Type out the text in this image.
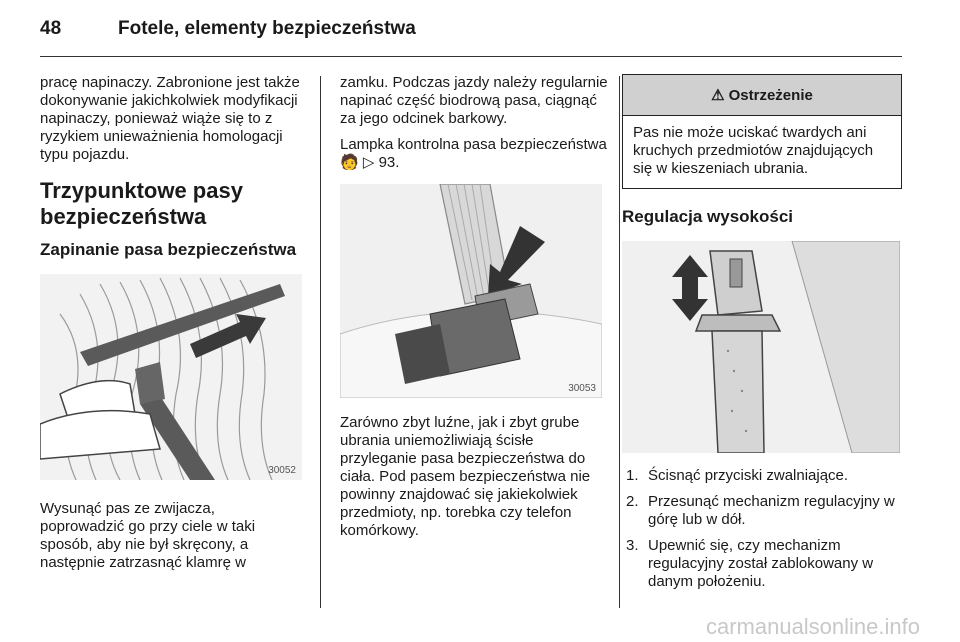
48	Fotele, elementy bezpieczeństwa

pracę napinaczy. Zabronione jest także dokonywanie jakichkolwiek modyfikacji napinaczy, ponieważ wiąże się to z ryzykiem unieważnienia homologacji typu pojazdu.

Trzypunktowe pasy bezpieczeństwa
Zapinanie pasa bezpieczeństwa
30052

Wysunąć pas ze zwijacza, poprowadzić go przy ciele w taki sposób, aby nie był skręcony, a następnie zatrzasnąć klamrę w

zamku. Podczas jazdy należy regularnie napinać część biodrową pasa, ciągnąć za jego odcinek barkowy.

Lampka kontrolna pasa bezpieczeństwa 🧑 ▷ 93.

30053

Zarówno zbyt luźne, jak i zbyt grube ubrania uniemożliwiają ścisłe przyleganie pasa bezpieczeństwa do ciała. Pod pasem bezpieczeństwa nie powinny znajdować się jakiekolwiek przedmioty, np. torebka czy telefon komórkowy.

⚠ Ostrzeżenie

Pas nie może uciskać twardych ani kruchych przedmiotów znajdujących się w kieszeniach ubrania.

Regulacja wysokości
1. Ścisnąć przyciski zwalniające.
2. Przesunąć mechanizm regulacyjny w górę lub w dół.
3. Upewnić się, czy mechanizm regulacyjny został zablokowany w danym położeniu.
carmanualsonline.info
